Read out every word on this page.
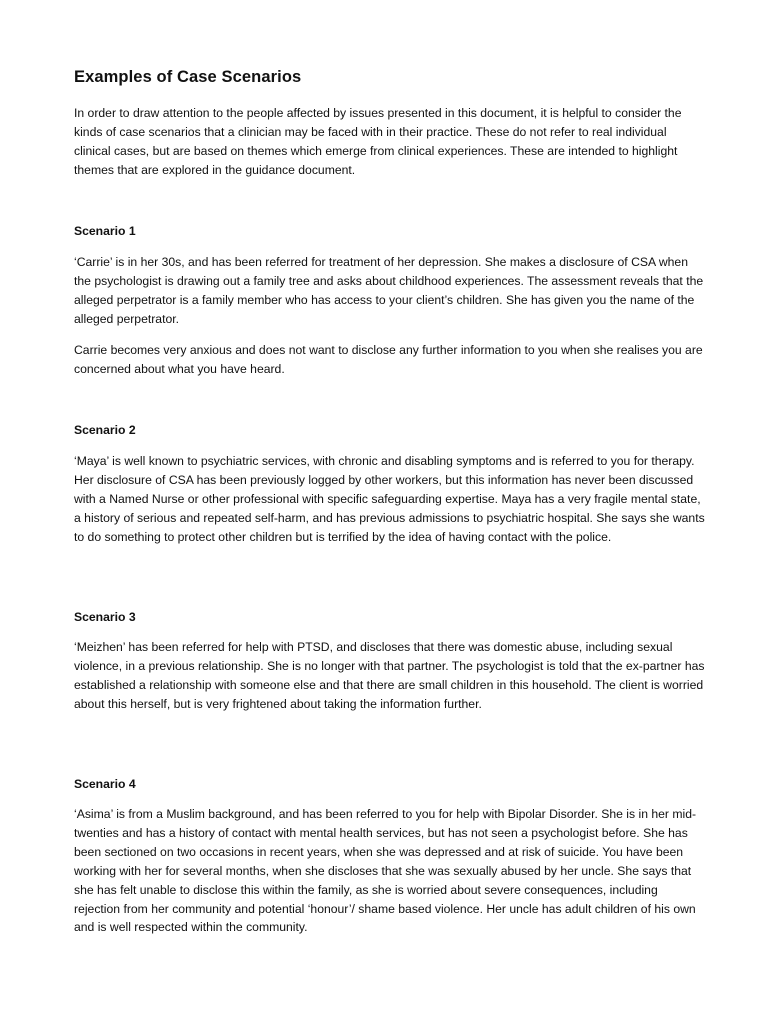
Examples of Case Scenarios

In order to draw attention to the people affected by issues presented in this document, it is helpful to consider the kinds of case scenarios that a clinician may be faced with in their practice. These do not refer to real individual clinical cases, but are based on themes which emerge from clinical experiences. These are intended to highlight themes that are explored in the guidance document.

Scenario 1

‘Carrie’ is in her 30s, and has been referred for treatment of her depression. She makes a disclosure of CSA when the psychologist is drawing out a family tree and asks about childhood experiences. The assessment reveals that the alleged perpetrator is a family member who has access to your client’s children. She has given you the name of the alleged perpetrator.

Carrie becomes very anxious and does not want to disclose any further information to you when she realises you are concerned about what you have heard.

Scenario 2

‘Maya’ is well known to psychiatric services, with chronic and disabling symptoms and is referred to you for therapy. Her disclosure of CSA has been previously logged by other workers, but this information has never been discussed with a Named Nurse or other professional with specific safeguarding expertise. Maya has a very fragile mental state, a history of serious and repeated self-harm, and has previous admissions to psychiatric hospital. She says she wants to do something to protect other children but is terrified by the idea of having contact with the police.

Scenario 3

‘Meizhen’ has been referred for help with PTSD, and discloses that there was domestic abuse, including sexual violence, in a previous relationship. She is no longer with that partner. The psychologist is told that the ex-partner has established a relationship with someone else and that there are small children in this household. The client is worried about this herself, but is very frightened about taking the information further.

Scenario 4

‘Asima’ is from a Muslim background, and has been referred to you for help with Bipolar Disorder. She is in her mid-twenties and has a history of contact with mental health services, but has not seen a psychologist before. She has been sectioned on two occasions in recent years, when she was depressed and at risk of suicide. You have been working with her for several months, when she discloses that she was sexually abused by her uncle. She says that she has felt unable to disclose this within the family, as she is worried about severe consequences, including rejection from her community and potential ‘honour’/ shame based violence. Her uncle has adult children of his own and is well respected within the community.
